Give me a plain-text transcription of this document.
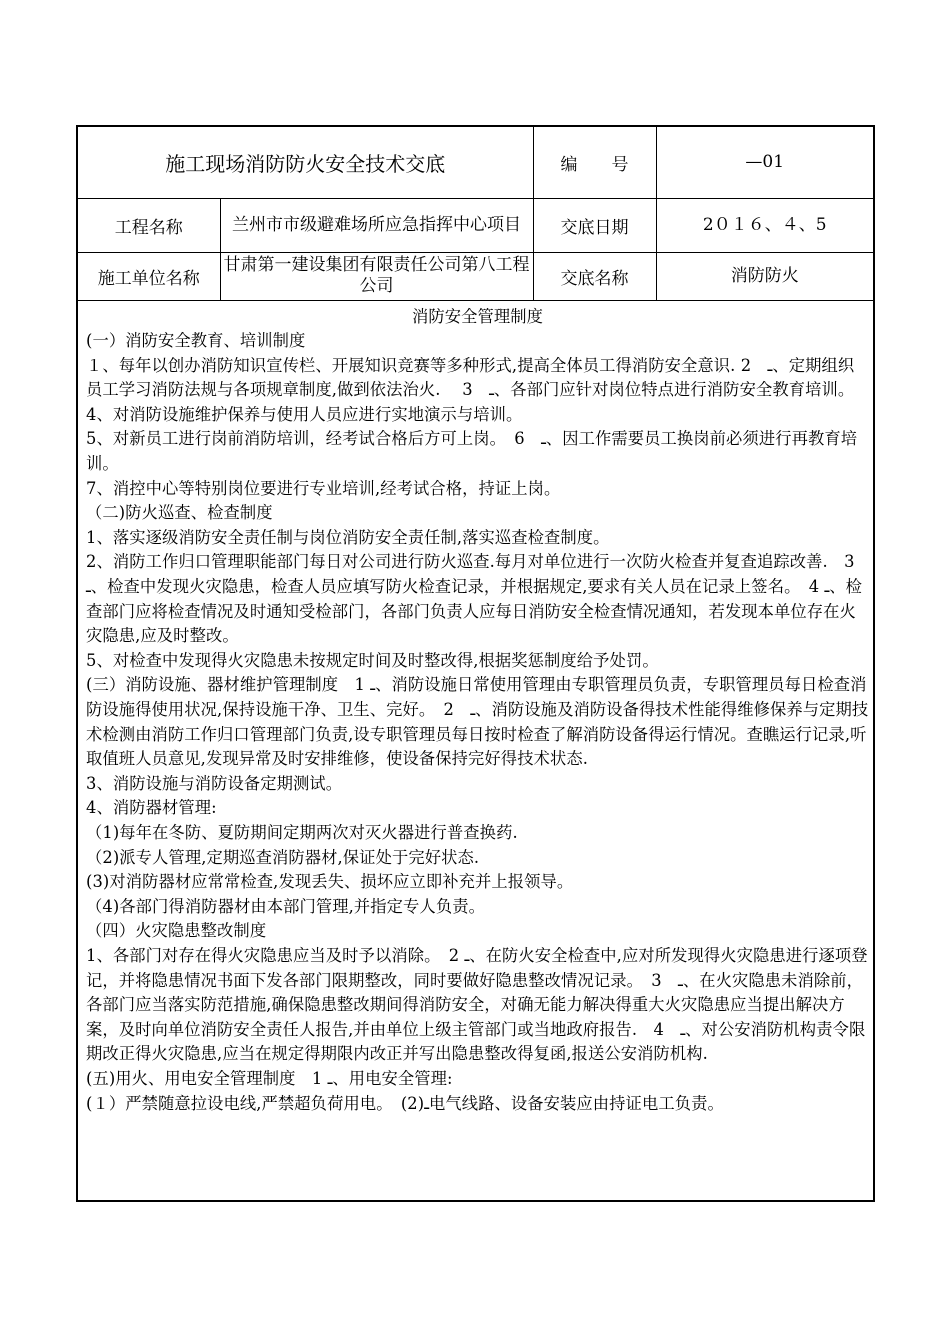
施工现场消防防火安全技术交底		编　　号	—01
工程名称	兰州市市级避难场所应急指挥中心项目	交底日期	2０１６、４、5
施工单位名称	甘肃第一建设集团有限责任公司第八工程公司	交底名称	消防防火

消防安全管理制度

(一）消防安全教育、培训制度

１、每年以创办消防知识宣传栏、开展知识竞赛等多种形式,提高全体员工得消防安全意识. 2　ـ、定期组织员工学习消防法规与各项规章制度,做到依法治火.　 3　ـ、各部门应针对岗位特点进行消防安全教育培训。

4、对消防设施维护保养与使用人员应进行实地演示与培训。

5、对新员工进行岗前消防培训，经考试合格后方可上岗。　6　ـ、因工作需要员工换岗前必须进行再教育培训。

7、消控中心等特别岗位要进行专业培训,经考试合格，持证上岗。

（二)防火巡查、检查制度

1、落实逐级消防安全责任制与岗位消防安全责任制,落实巡查检查制度。

2、消防工作归口管理职能部门每日对公司进行防火巡查.每月对单位进行一次防火检查并复查追踪改善.　3 ـ、检查中发现火灾隐患，检查人员应填写防火检查记录，并根据规定,要求有关人员在记录上签名。　4 ـ、检查部门应将检查情况及时通知受检部门，各部门负责人应每日消防安全检查情况通知，若发现本单位存在火灾隐患,应及时整改。

5、对检查中发现得火灾隐患未按规定时间及时整改得,根据奖惩制度给予处罚。

(三）消防设施、器材维护管理制度　1 ـ、消防设施日常使用管理由专职管理员负责，专职管理员每日检查消防设施得使用状况,保持设施干净、卫生、完好。　2　ـ、消防设施及消防设备得技术性能得维修保养与定期技术检测由消防工作归口管理部门负责,设专职管理员每日按时检查了解消防设备得运行情况。查瞧运行记录,听取值班人员意见,发现异常及时安排维修，使设备保持完好得技术状态.

3、消防设施与消防设备定期测试。

4、消防器材管理:

（1)每年在冬防、夏防期间定期两次对灭火器进行普查换药.

（2)派专人管理,定期巡查消防器材,保证处于完好状态.

(3)对消防器材应常常检查,发现丢失、损坏应立即补充并上报领导。

（4)各部门得消防器材由本部门管理,并指定专人负责。

（四）火灾隐患整改制度

1、各部门对存在得火灾隐患应当及时予以消除。　2 ـ、在防火安全检查中,应对所发现得火灾隐患进行逐项登记，并将隐患情况书面下发各部门限期整改，同时要做好隐患整改情况记录。　3　ـ、在火灾隐患未消除前，各部门应当落实防范措施,确保隐患整改期间得消防安全，对确无能力解决得重大火灾隐患应当提出解决方案，及时向单位消防安全责任人报告,并由单位上级主管部门或当地政府报告.　4　ـ、对公安消防机构责令限期改正得火灾隐患,应当在规定得期限内改正并写出隐患整改得复函,报送公安消防机构.

(五)用火、用电安全管理制度　1 ـ、用电安全管理:

(１）严禁随意拉设电线,严禁超负荷用电。　(2)ـ电气线路、设备安装应由持证电工负责。
